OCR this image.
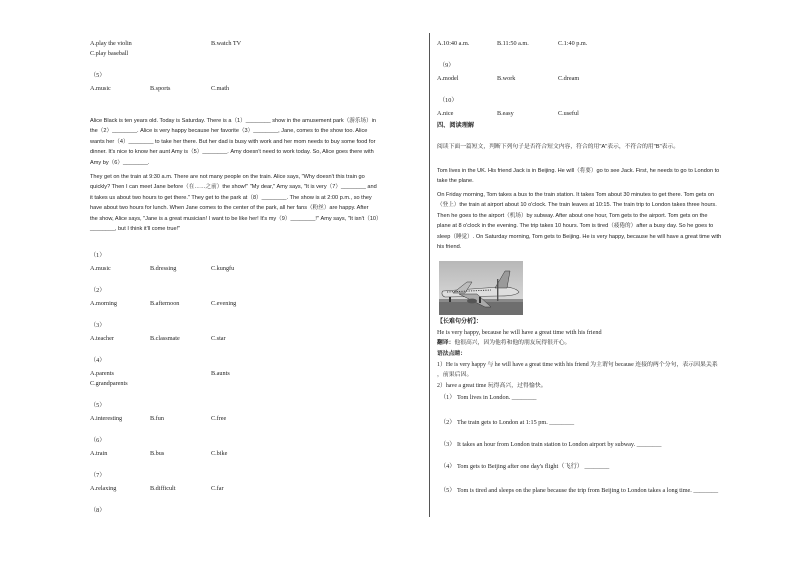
A.play the violin	B.watch TV
C.play baseball
（5）
A.music	B.sports	C.math
Alice Black is ten years old. Today is Saturday. There is a（1）________ show in the amusement park（游乐场）in
the（2）________. Alice is very happy because her favorite（3）________, Jane, comes to the show too. Alice
wants her（4）________ to take her there. But her dad is busy with work and her mom needs to buy some food for
dinner. It's nice to know her aunt Amy is（5）________. Amy doesn't need to work today. So, Alice goes there with
Amy by（6）________.
They get on the train at 9:30 a.m. There are not many people on the train. Alice says, "Why doesn't this train go
quickly? Then I can meet Jane before（在……之前）the show!" "My dear," Amy says, "It is very（7）________ and
it takes us about two hours to get there." They get to the park at（8）________. The show is at 2:00 p.m., so they
have about two hours for lunch. When Jane comes to the center of the park, all her fans（粉丝）are happy. After
the show, Alice says, "Jane is a great musician! I want to be like her! It's my（9）________!" Amy says, "It isn't（10）
________, but I think it'll come true!"
（1）
A.music	B.dressing	C.kungfu
（2）
A.morning	B.afternoon	C.evening
（3）
A.teacher	B.classmate	C.star
（4）
A.parents	B.aunts
C.grandparents
（5）
A.interesting	B.fun	C.free
（6）
A.train	B.bus	C.bike
（7）
A.relaxing	B.difficult	C.far
（8）
A.10:40 a.m.	B.11:50 a.m.	C.1:40 p.m.
（9）
A.model	B.work	C.dream
（10）
A.nice	B.easy	C.useful
四、阅读理解
阅读下面一篇短文，判断下列句子是否符合短文内容，符合的用"A"表示，不符合的用"B"表示。
Tom lives in the UK. His friend Jack is in Beijing. He will（将要）go to see Jack. First, he needs to go to London to
take the plane.
On Friday morning, Tom takes a bus to the train station. It takes Tom about 30 minutes to get there. Tom gets on
（登上）the train at airport about 10 o'clock. The train leaves at 10:15. The train trip to London takes three hours.
Then he goes to the airport（机场）by subway. After about one hour, Tom gets to the airport. Tom gets on the
plane at 8 o'clock in the evening. The trip takes 10 hours. Tom is tired（疲倦的）after a busy day. So he goes to
sleep（睡觉）. On Saturday morning, Tom gets to Beijing. He is very happy, because he will have a great time with
his friend.
【长难句分析】：
He is very happy, because he will have a great time with his friend
翻译：他很高兴，因为他将和他的朋友玩得很开心。
语法点睛：
1）He is very happy 与 he will have a great time with his friend 为主谓句 because 连接的两个分句，表示因果关系
，前果后因。
2）have a great time 玩得高兴，过得愉快。
（1） Tom lives in London. ________
（2） The train gets to London at 1:15 pm. ________
（3） It takes an hour from London train station to London airport by subway. ________
（4） Tom gets to Beijing after one day's flight（飞行） ________
（5） Tom is tired and sleeps on the plane because the trip from Beijing to London takes a long time. ________
